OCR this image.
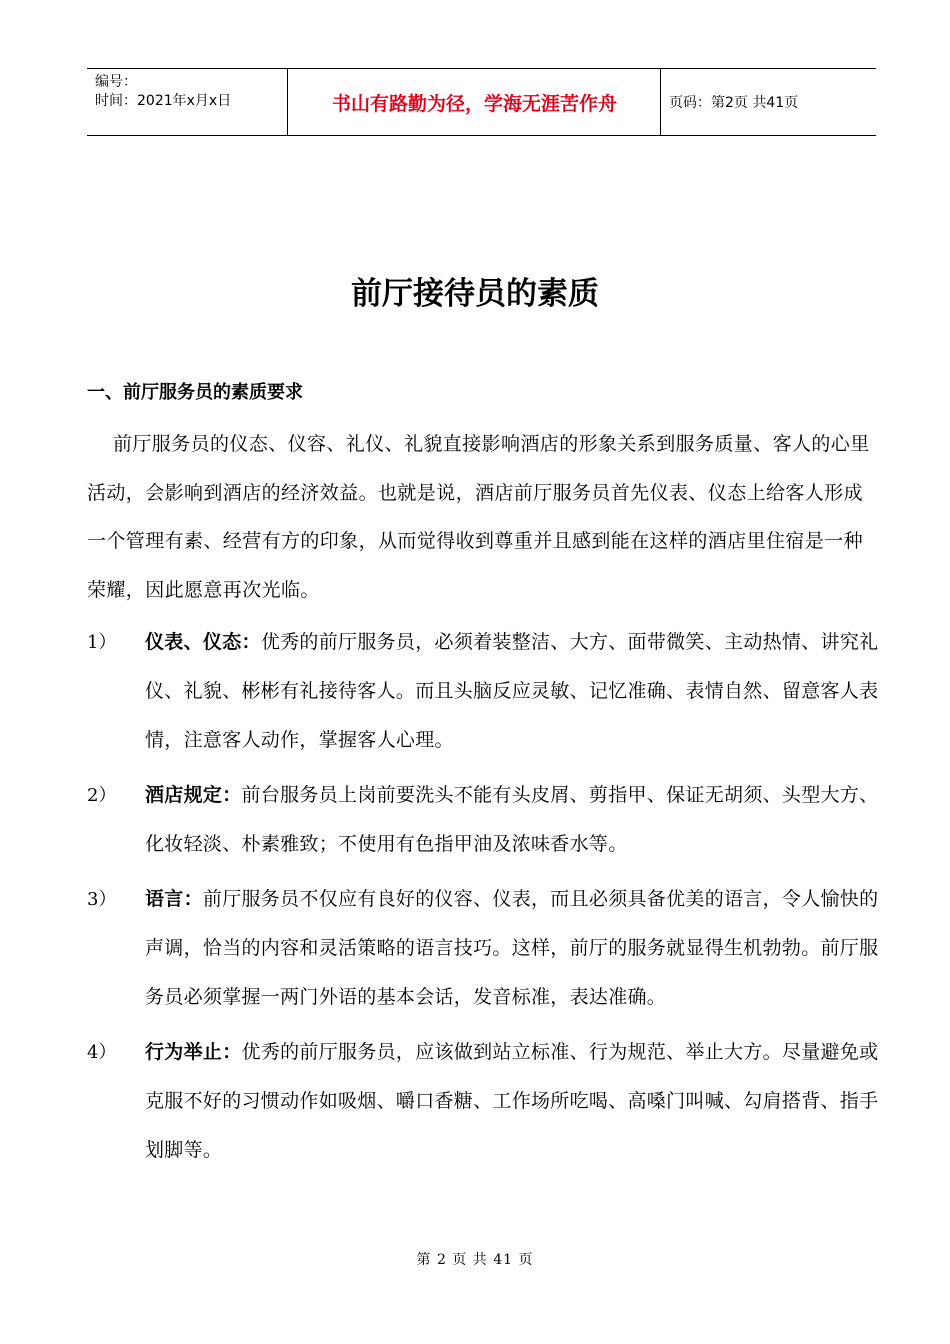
编号：
时间：2021年x月x日	书山有路勤为径，学海无涯苦作舟	页码：第2页 共41页
前厅接待员的素质
一、前厅服务员的素质要求

前厅服务员的仪态、仪容、礼仪、礼貌直接影响酒店的形象关系到服务质量、客人的心里活动，会影响到酒店的经济效益。也就是说，酒店前厅服务员首先仪表、仪态上给客人形成一个管理有素、经营有方的印象，从而觉得收到尊重并且感到能在这样的酒店里住宿是一种荣耀，因此愿意再次光临。

1）	仪表、仪态：优秀的前厅服务员，必须着装整洁、大方、面带微笑、主动热情、讲究礼仪、礼貌、彬彬有礼接待客人。而且头脑反应灵敏、记忆准确、表情自然、留意客人表情，注意客人动作，掌握客人心理。
2）	酒店规定：前台服务员上岗前要洗头不能有头皮屑、剪指甲、保证无胡须、头型大方、化妆轻淡、朴素雅致；不使用有色指甲油及浓味香水等。
3）	语言：前厅服务员不仅应有良好的仪容、仪表，而且必须具备优美的语言，令人愉快的声调，恰当的内容和灵活策略的语言技巧。这样，前厅的服务就显得生机勃勃。前厅服务员必须掌握一两门外语的基本会话，发音标准，表达准确。
4）	行为举止：优秀的前厅服务员，应该做到站立标准、行为规范、举止大方。尽量避免或克服不好的习惯动作如吸烟、嚼口香糖、工作场所吃喝、高嗓门叫喊、勾肩搭背、指手划脚等。
第 2 页 共 41 页
